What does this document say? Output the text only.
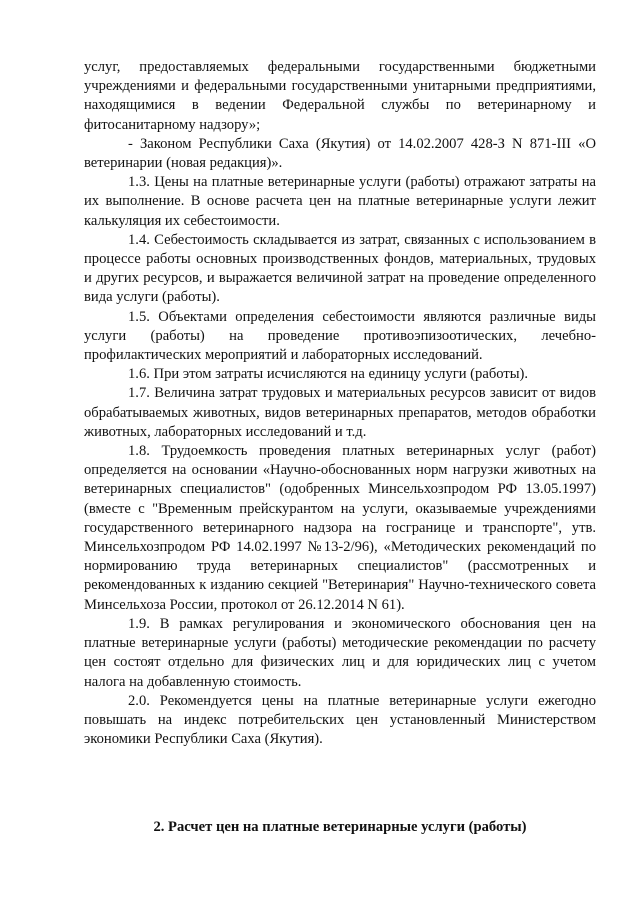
услуг, предоставляемых федеральными государственными бюджетными учреждениями и федеральными государственными унитарными предприятиями, находящимися в ведении Федеральной службы по ветеринарному и фитосанитарному надзору»;

- Законом Республики Саха (Якутия) от 14.02.2007 428-З N 871-III «О ветеринарии (новая редакция)».

1.3. Цены на платные ветеринарные услуги (работы) отражают затраты на их выполнение. В основе расчета цен на платные ветеринарные услуги лежит калькуляция их себестоимости.

1.4. Себестоимость складывается из затрат, связанных с использованием в процессе работы основных производственных фондов, материальных, трудовых и других ресурсов, и выражается величиной затрат на проведение определенного вида услуги (работы).

1.5. Объектами определения себестоимости являются различные виды услуги (работы) на проведение противоэпизоотических, лечебно-профилактических мероприятий и лабораторных исследований.

1.6. При этом затраты исчисляются на единицу услуги (работы).

1.7. Величина затрат трудовых и материальных ресурсов зависит от видов обрабатываемых животных, видов ветеринарных препаратов, методов обработки животных, лабораторных исследований и т.д.

1.8. Трудоемкость проведения платных ветеринарных услуг (работ) определяется на основании «Научно-обоснованных норм нагрузки животных на ветеринарных специалистов" (одобренных Минсельхозпродом РФ 13.05.1997) (вместе с "Временным прейскурантом на услуги, оказываемые учреждениями государственного ветеринарного надзора на госгранице и транспорте", утв. Минсельхозпродом РФ 14.02.1997 №13-2/96), «Методических рекомендаций по нормированию труда ветеринарных специалистов" (рассмотренных и рекомендованных к изданию секцией "Ветеринария" Научно-технического совета Минсельхоза России, протокол от 26.12.2014 N 61).

1.9. В рамках регулирования и экономического обоснования цен на платные ветеринарные услуги (работы) методические рекомендации по расчету цен состоят отдельно для физических лиц и для юридических лиц с учетом налога на добавленную стоимость.

2.0. Рекомендуется цены на платные ветеринарные услуги ежегодно повышать на индекс потребительских цен установленный Министерством экономики Республики Саха (Якутия).

2. Расчет цен на платные ветеринарные услуги (работы)
